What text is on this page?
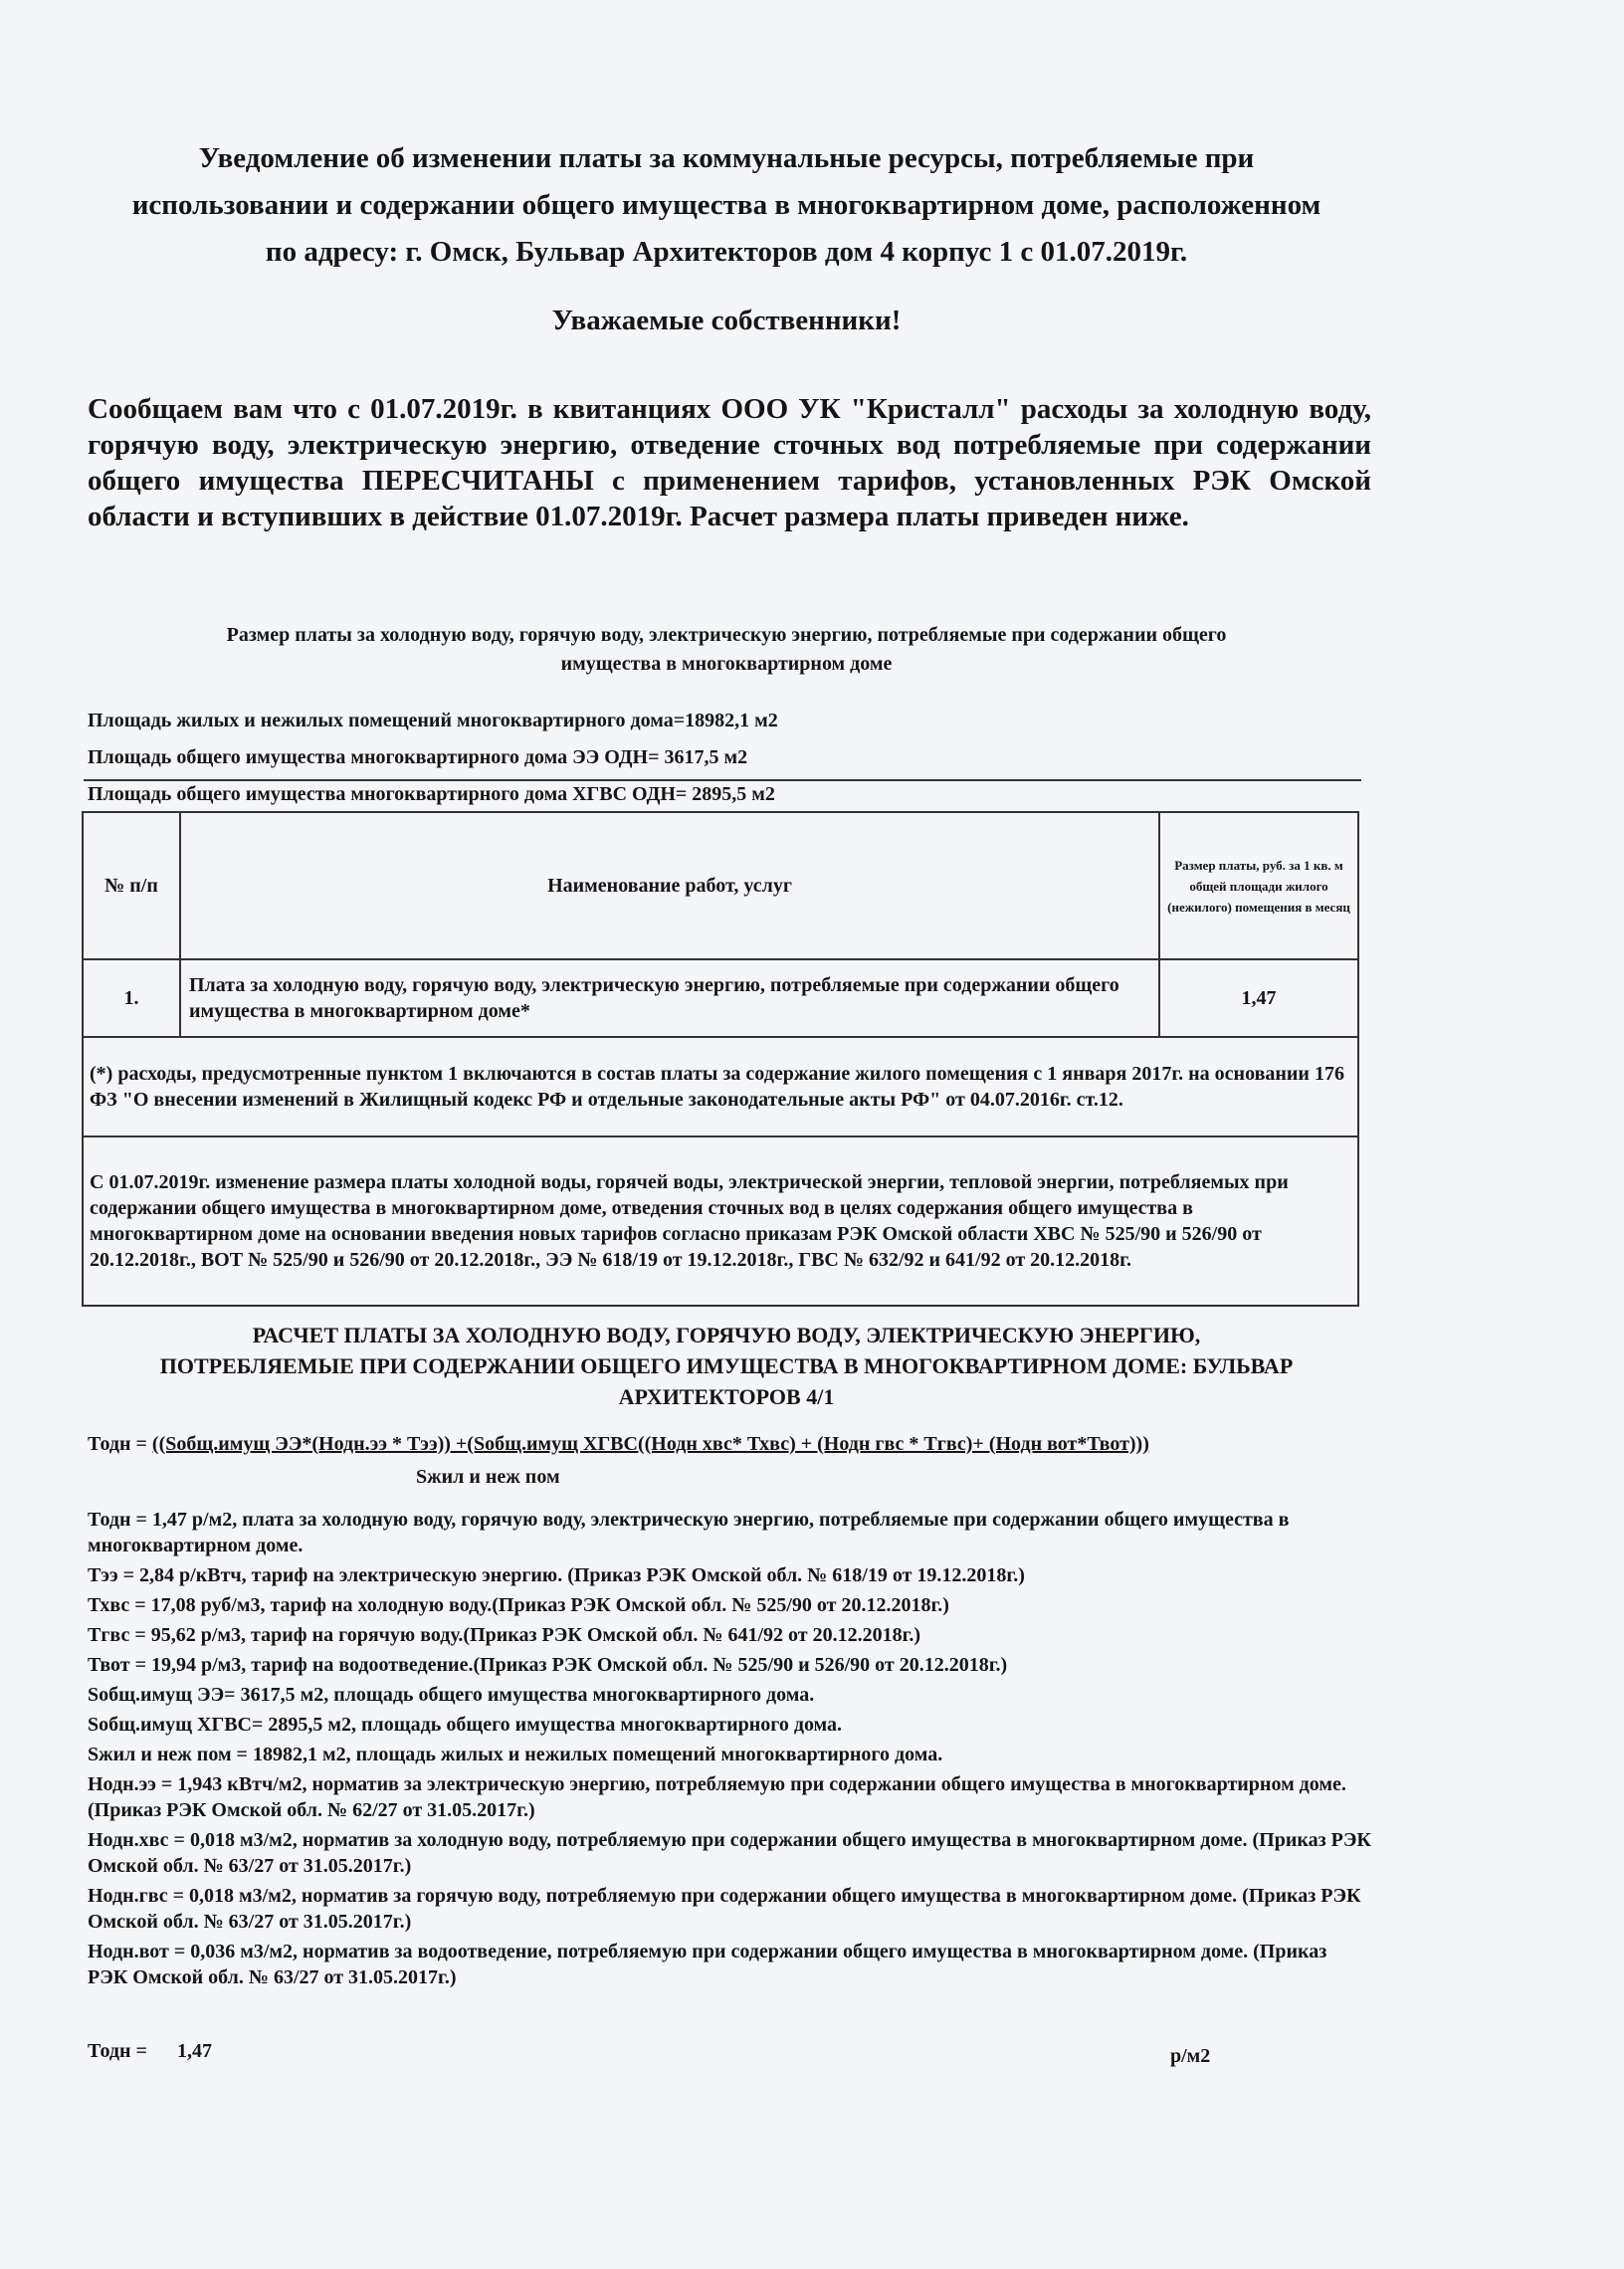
Уведомление об изменении платы за коммунальные ресурсы, потребляемые при
использовании и содержании общего имущества в многоквартирном доме, расположенном
по адресу: г. Омск, Бульвар Архитекторов дом 4 корпус 1 с 01.07.2019г.
Уважаемые собственники!
Сообщаем вам что с 01.07.2019г. в квитанциях ООО УК "Кристалл" расходы за холодную воду, горячую воду, электрическую энергию, отведение сточных вод потребляемые при содержании общего имущества ПЕРЕСЧИТАНЫ с применением тарифов, установленных РЭК Омской области и вступивших в действие 01.07.2019г. Расчет размера платы приведен ниже.
Размер платы за холодную воду, горячую воду, электрическую энергию, потребляемые при содержании общего
имущества в многоквартирном доме
Площадь жилых и нежилых помещений многоквартирного дома=18982,1 м2
Площадь общего имущества многоквартирного дома ЭЭ ОДН= 3617,5 м2
Площадь общего имущества многоквартирного дома ХГВС ОДН= 2895,5 м2
№ п/п	Наименование работ, услуг	Размер платы, руб. за 1 кв. м общей площади жилого (нежилого) помещения в месяц
1.	Плата за холодную воду, горячую воду, электрическую энергию, потребляемые при содержании общего имущества в многоквартирном доме*	1,47
(*) расходы, предусмотренные пунктом 1 включаются в состав платы за содержание жилого помещения с 1 января 2017г. на основании 176 ФЗ "О внесении изменений в Жилищный кодекс РФ и отдельные законодательные акты РФ" от 04.07.2016г. ст.12.		
С 01.07.2019г. изменение размера платы холодной воды, горячей воды, электрической энергии, тепловой энергии, потребляемых при содержании общего имущества в многоквартирном доме, отведения сточных вод в целях содержания общего имущества в многоквартирном доме на основании введения новых тарифов согласно приказам РЭК Омской области ХВС № 525/90 и 526/90 от 20.12.2018г., ВОТ № 525/90 и 526/90 от 20.12.2018г., ЭЭ № 618/19 от 19.12.2018г., ГВС № 632/92 и 641/92 от 20.12.2018г.		
РАСЧЕТ ПЛАТЫ ЗА ХОЛОДНУЮ ВОДУ, ГОРЯЧУЮ ВОДУ, ЭЛЕКТРИЧЕСКУЮ ЭНЕРГИЮ,
ПОТРЕБЛЯЕМЫЕ ПРИ СОДЕРЖАНИИ ОБЩЕГО ИМУЩЕСТВА В МНОГОКВАРТИРНОМ ДОМЕ: БУЛЬВАР
АРХИТЕКТОРОВ 4/1
Тодн = ((Sобщ.имущ ЭЭ*(Нодн.ээ * Тээ)) +(Sобщ.имущ ХГВС((Нодн хвс* Тхвс) + (Нодн гвс * Тгвс)+ (Нодн вот*Твот)))
Sжил и неж пом
Тодн = 1,47 р/м2, плата за холодную воду, горячую воду, электрическую энергию, потребляемые при содержании общего имущества в многоквартирном доме.
Тээ = 2,84 р/кВтч, тариф на электрическую энергию. (Приказ РЭК Омской обл. № 618/19 от 19.12.2018г.)
Тхвс = 17,08 руб/м3, тариф на холодную воду.(Приказ РЭК Омской обл. № 525/90 от 20.12.2018г.)
Тгвс = 95,62 р/м3, тариф на горячую воду.(Приказ РЭК Омской обл. № 641/92 от 20.12.2018г.)
Твот = 19,94 р/м3, тариф на водоотведение.(Приказ РЭК Омской обл. № 525/90 и 526/90 от 20.12.2018г.)
Sобщ.имущ ЭЭ= 3617,5 м2, площадь общего имущества многоквартирного дома.
Sобщ.имущ ХГВС= 2895,5 м2, площадь общего имущества многоквартирного дома.
Sжил и неж пом = 18982,1 м2, площадь жилых и нежилых помещений многоквартирного дома.
Нодн.ээ = 1,943 кВтч/м2, норматив за электрическую энергию, потребляемую при содержании общего имущества в многоквартирном доме.(Приказ РЭК Омской обл. № 62/27 от 31.05.2017г.)
Нодн.хвс = 0,018 м3/м2, норматив за холодную воду, потребляемую при содержании общего имущества в многоквартирном доме. (Приказ РЭК Омской обл. № 63/27 от 31.05.2017г.)
Нодн.гвс = 0,018 м3/м2, норматив за горячую воду, потребляемую при содержании общего имущества в многоквартирном доме. (Приказ РЭК Омской обл. № 63/27 от 31.05.2017г.)
Нодн.вот = 0,036 м3/м2, норматив за водоотведение, потребляемую при содержании общего имущества в многоквартирном доме. (Приказ РЭК Омской обл. № 63/27 от 31.05.2017г.)
Тодн = 1,47	р/м2
